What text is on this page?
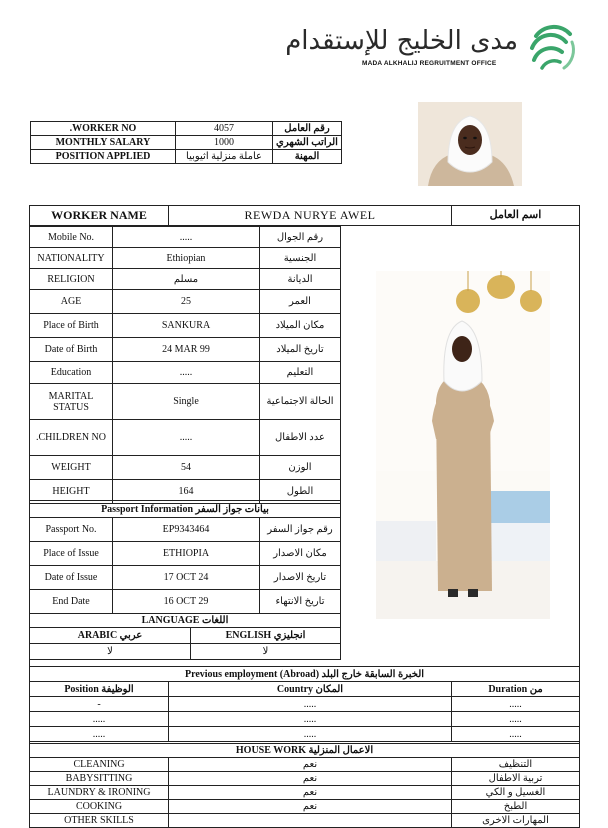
مدى الخليج للإستقدام
MADA ALKHALIJ REGRUITMENT OFFICE
.WORKER NO	4057	رقم العامل
MONTHLY SALARY	1000	الراتب الشهري
POSITION APPLIED	عاملة منزلية اثيوبيا	المهنة
WORKER NAME	REWDA NURYE AWEL	اسم العامل
Mobile No.	.....	رقم الجوال
NATIONALITY	Ethiopian	الجنسية
RELIGION	مسلم	الديانة
AGE	25	العمر
Place of Birth	SANKURA	مكان الميلاد
Date of Birth	24 MAR 99	تاريخ الميلاد
Education	.....	التعليم
MARITAL STATUS	Single	الحالة الاجتماعية
.CHILDREN NO	.....	عدد الاطفال
WEIGHT	54	الوزن
HEIGHT	164	الطول
Passport Information بيانات جواز السفر		
Passport No.	EP9343464	رقم جواز السفر
Place of Issue	ETHIOPIA	مكان الاصدار
Date of Issue	17 OCT 24	تاريخ الاصدار
End Date	16 OCT 29	تاريخ الانتهاء
LANGUAGE اللغات	
ARABIC عربي	ENGLISH انجليزي
لا	لا
Previous employment (Abroad) الخبرة السابقة خارج البلد		
Position الوظيفة	Country المكان	Duration من
-	.....	.....
.....	.....	.....
.....	.....	.....
HOUSE WORK الاعمال المنزلية		
CLEANING	نعم	التنظيف
BABYSITTING	نعم	تربية الاطفال
LAUNDRY & IRONING	نعم	الغسيل و الكي
COOKING	نعم	الطبخ
OTHER SKILLS		المهارات الاخرى
